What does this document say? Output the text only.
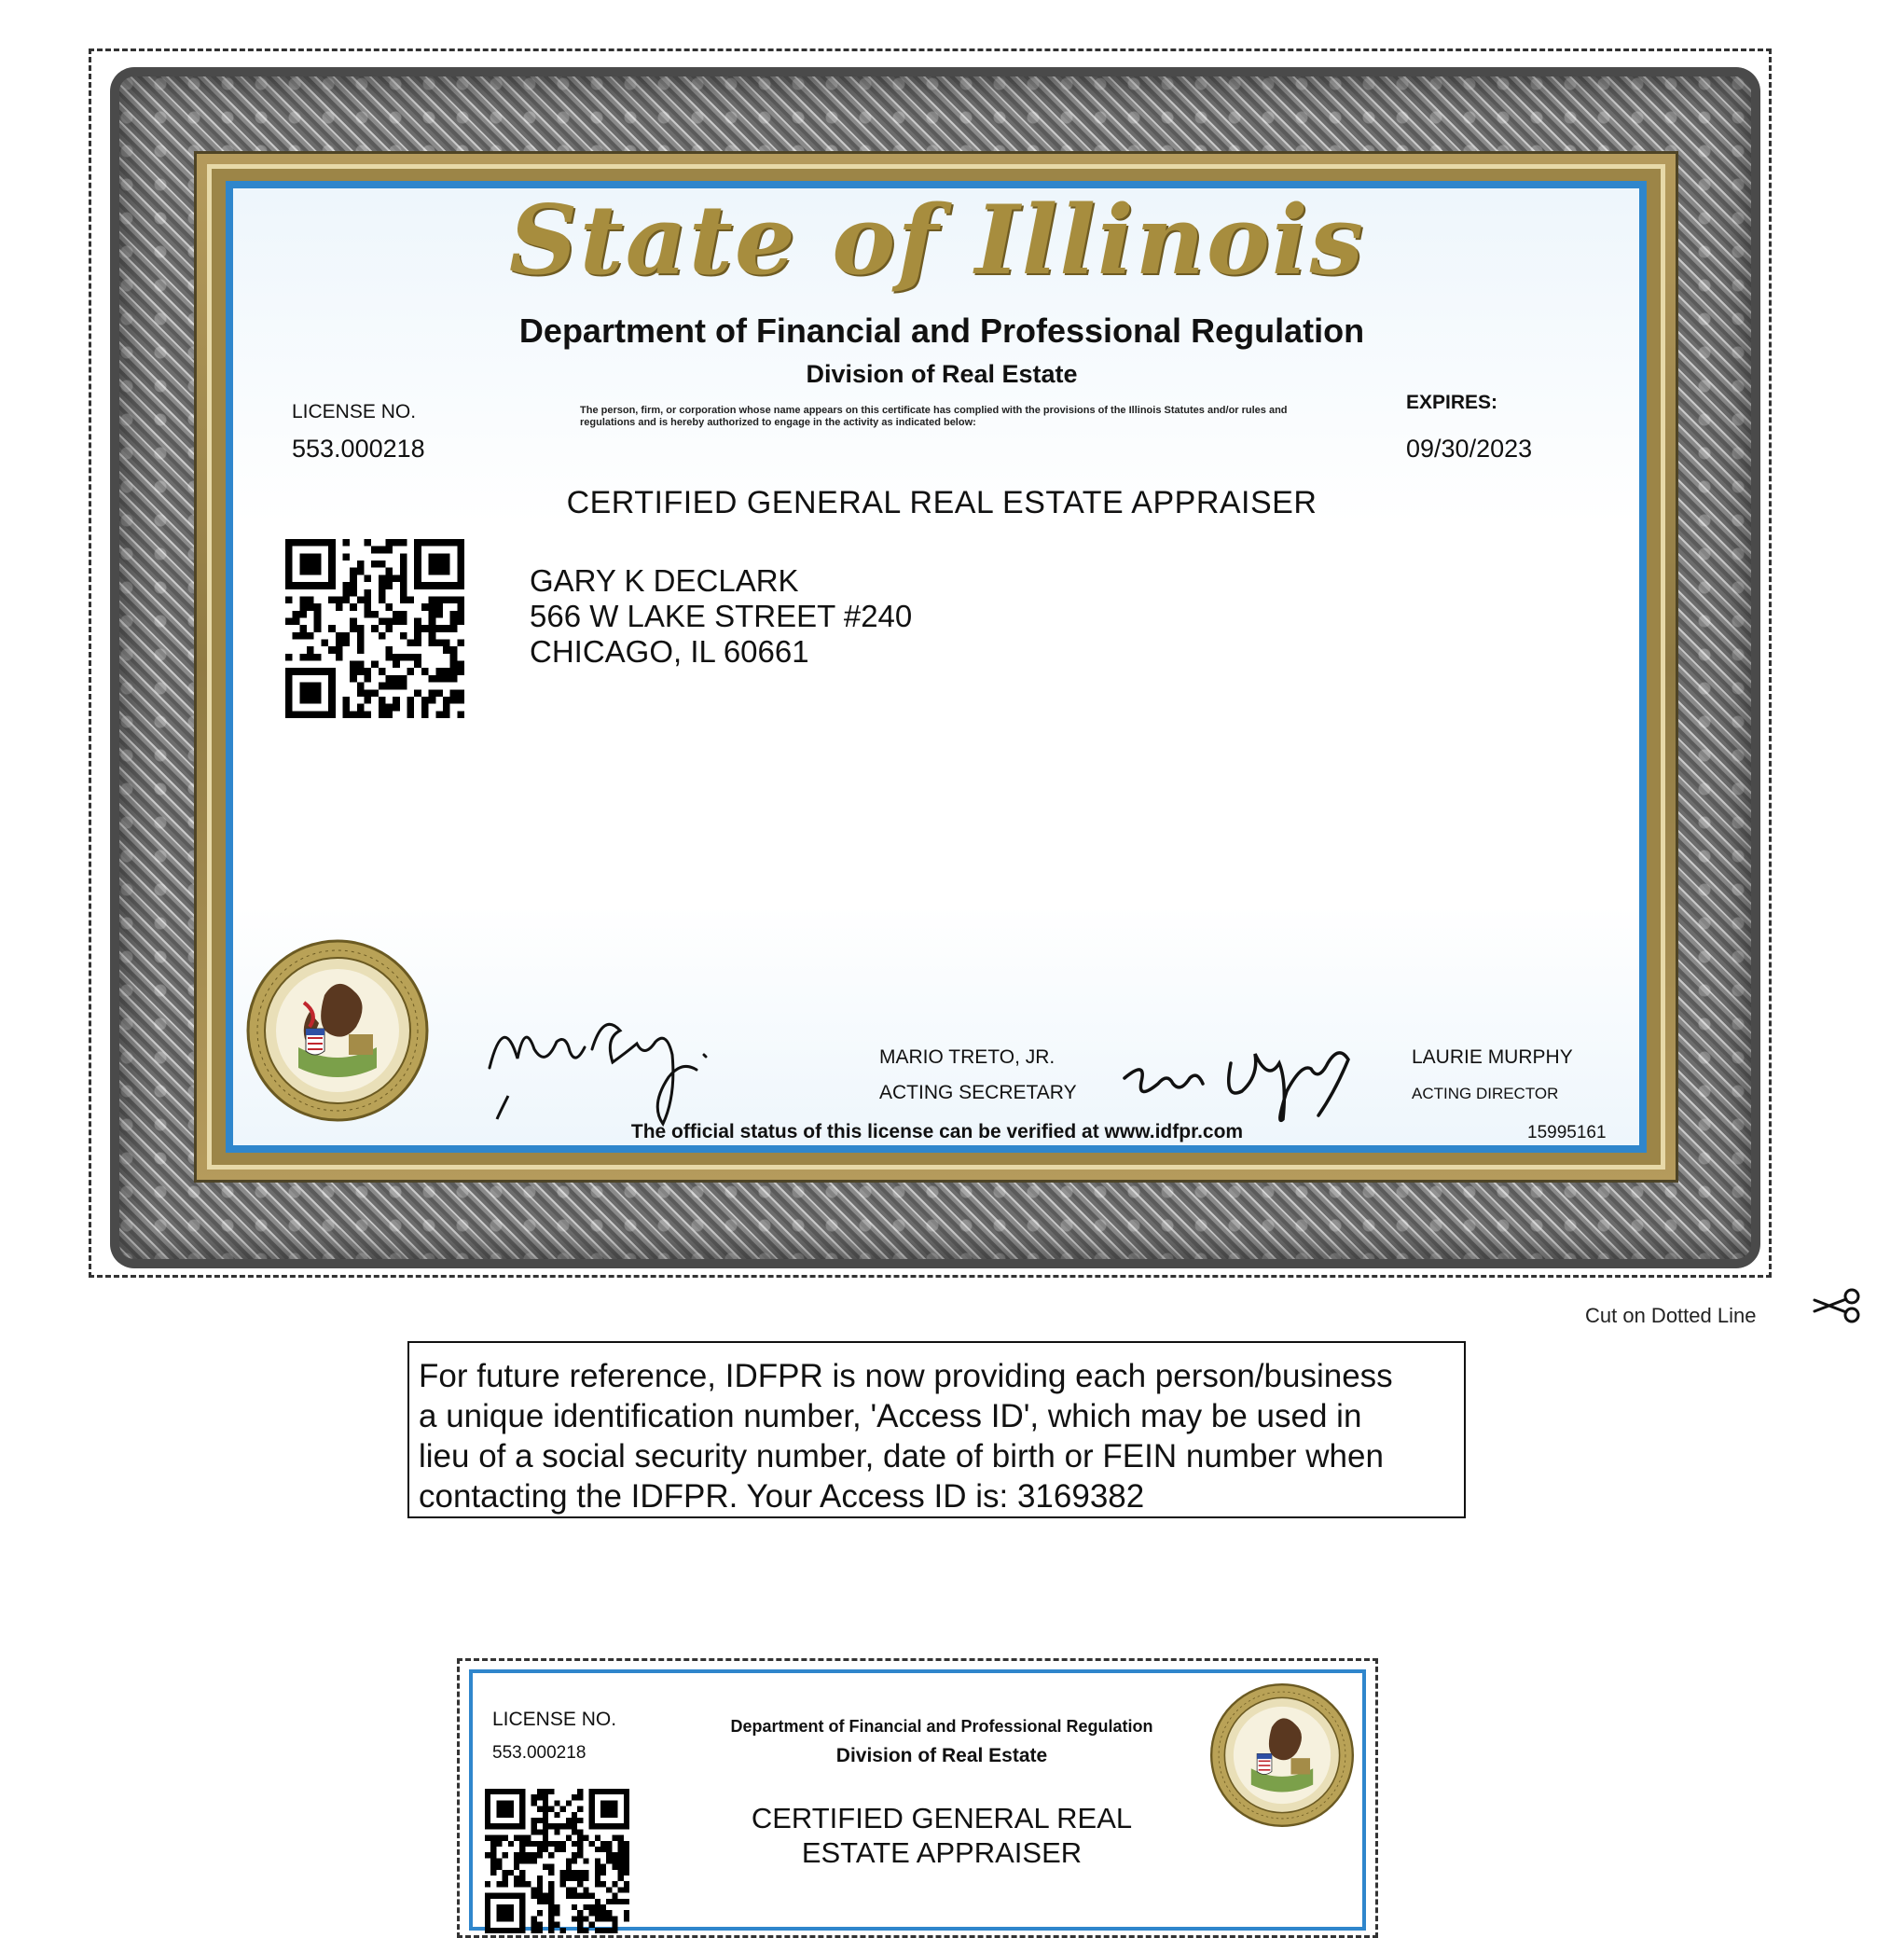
State of Illinois
Department of Financial and Professional Regulation
Division of Real Estate
LICENSE NO.
553.000218
EXPIRES:
09/30/2023
The person, firm, or corporation whose name appears on this certificate has complied with the provisions of the Illinois Statutes and/or rules and regulations and is hereby authorized to engage in the activity as indicated below:
CERTIFIED GENERAL REAL ESTATE APPRAISER
GARY K DECLARK
566 W LAKE STREET #240
CHICAGO, IL 60661
MARIO TRETO, JR.
ACTING SECRETARY
LAURIE MURPHY
ACTING DIRECTOR
The official status of this license can be verified at www.idfpr.com	15995161
Cut on Dotted Line
For future reference, IDFPR is now providing each person/business
a unique identification number, 'Access ID', which may be used in
lieu of a social security number, date of birth or FEIN number when
contacting the IDFPR. Your Access ID is: 3169382
LICENSE NO.
553.000218
Department of Financial and Professional Regulation
Division of Real Estate
CERTIFIED GENERAL REAL
ESTATE APPRAISER
